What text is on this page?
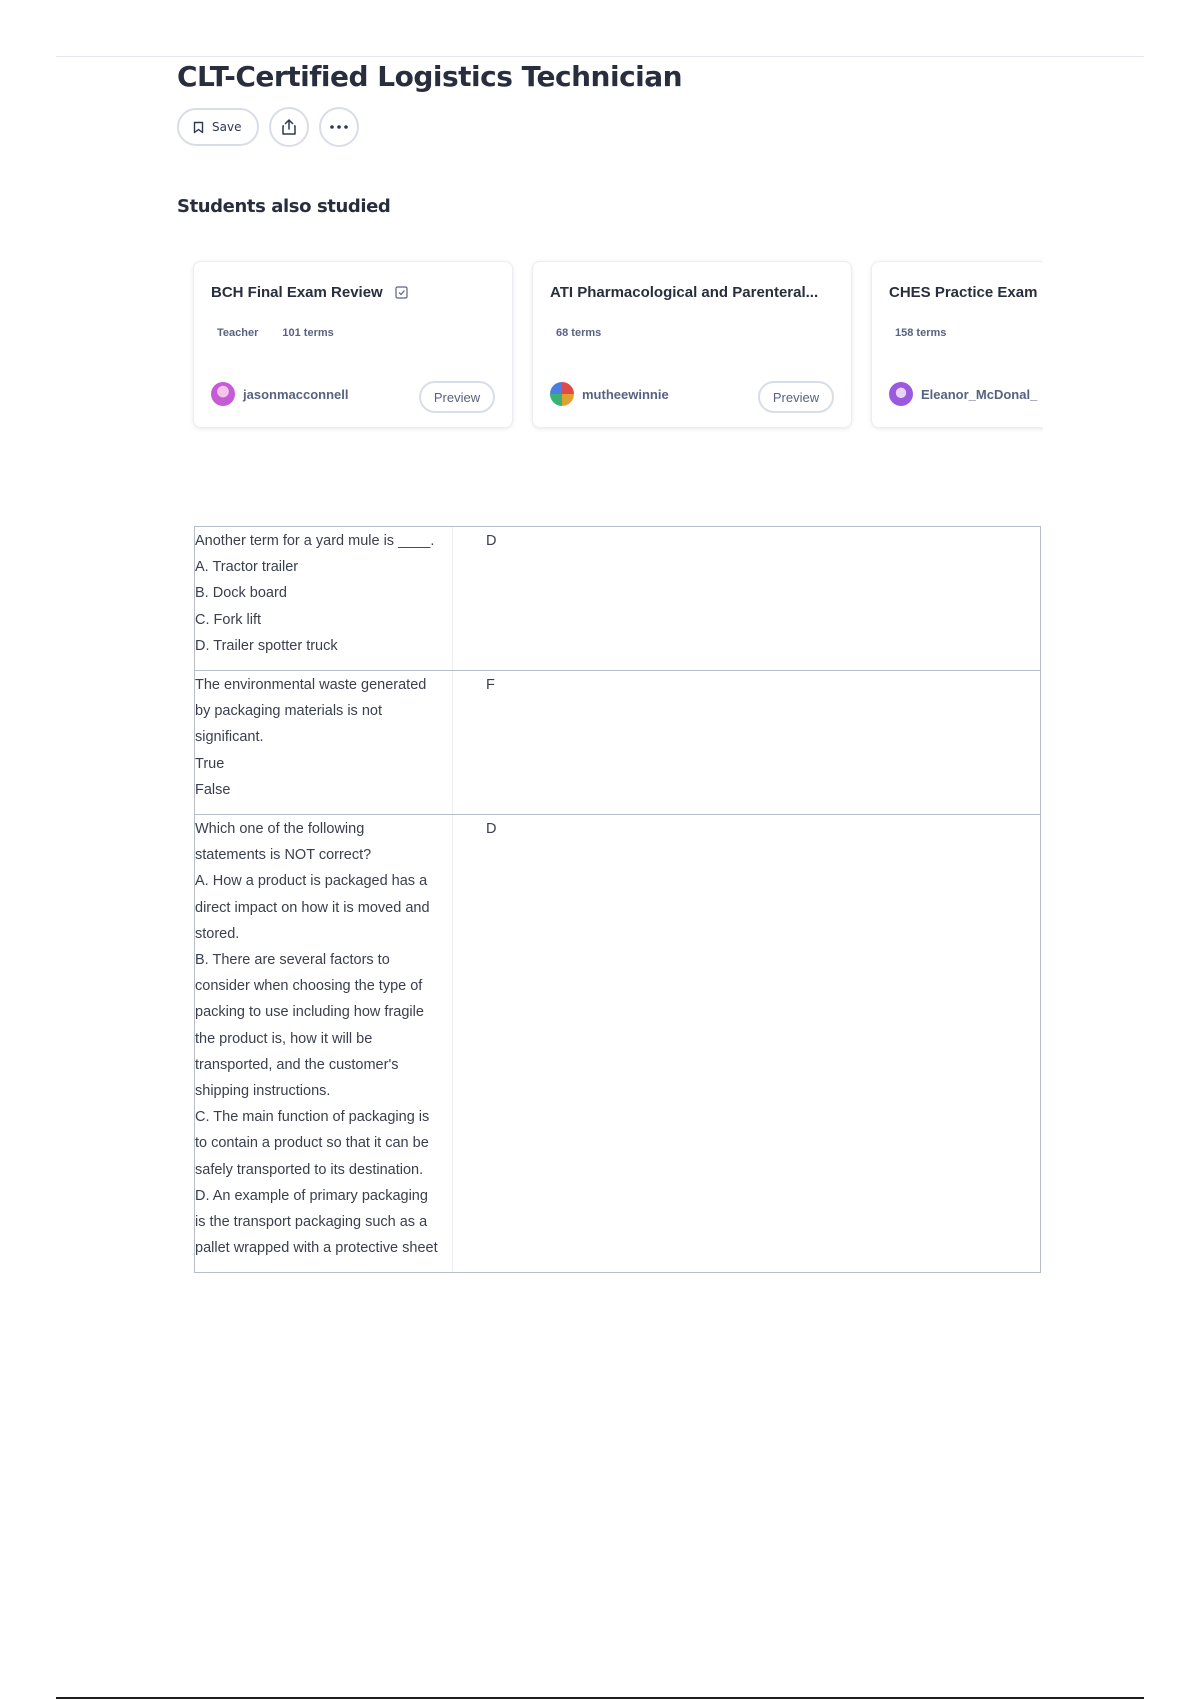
CLT-Certified Logistics Technician
Save
Students also studied
BCH Final Exam Review
Teacher 101 terms
jasonmacconnell	Preview
ATI Pharmacological and Parenteral...
68 terms
mutheewinnie	Preview
CHES Practice Exam
158 terms
Eleanor_McDonal_
Another term for a yard mule is ____.
A. Tractor trailer
B. Dock board
C. Fork lift
D. Trailer spotter truck
D
The environmental waste generated by packaging materials is not significant.
True
False
F
Which one of the following statements is NOT correct?
A. How a product is packaged has a direct impact on how it is moved and stored.
B. There are several factors to consider when choosing the type of packing to use including how fragile the product is, how it will be transported, and the customer's shipping instructions.
C. The main function of packaging is to contain a product so that it can be safely transported to its destination.
D. An example of primary packaging is the transport packaging such as a pallet wrapped with a protective sheet
D
